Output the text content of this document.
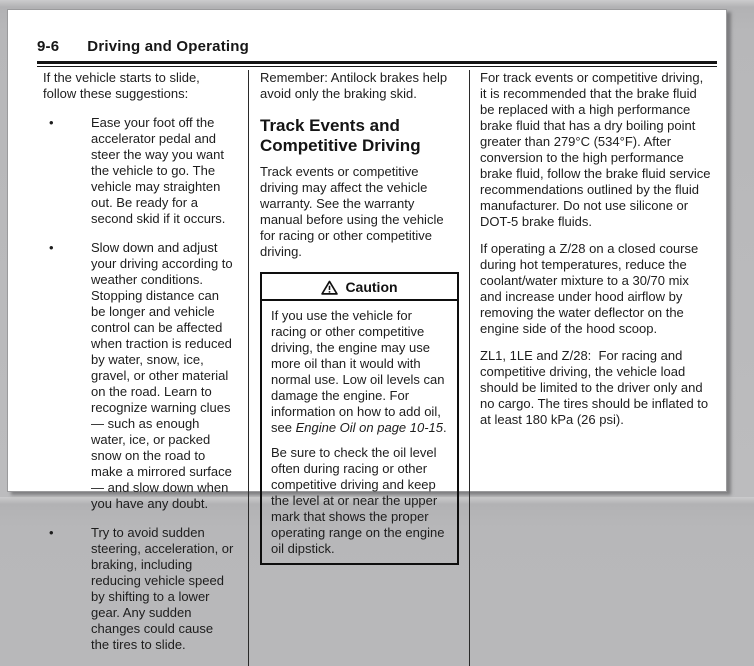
9-6 Driving and Operating

If the vehicle starts to slide, follow these suggestions:

•	Ease your foot off the accelerator pedal and steer the way you want the vehicle to go. The vehicle may straighten out. Be ready for a second skid if it occurs.
•	Slow down and adjust your driving according to weather conditions. Stopping distance can be longer and vehicle control can be affected when traction is reduced by water, snow, ice, gravel, or other material on the road. Learn to recognize warning clues — such as enough water, ice, or packed snow on the road to make a mirrored surface — and slow down when you have any doubt.
•	Try to avoid sudden steering, acceleration, or braking, including reducing vehicle speed by shifting to a lower gear. Any sudden changes could cause the tires to slide.

Remember: Antilock brakes help avoid only the braking skid.

Track Events and Competitive Driving

Track events or competitive driving may affect the vehicle warranty. See the warranty manual before using the vehicle for racing or other competitive driving.

Caution

If you use the vehicle for racing or other competitive driving, the engine may use more oil than it would with normal use. Low oil levels can damage the engine. For information on how to add oil, see Engine Oil on page 10-15.

Be sure to check the oil level often during racing or other competitive driving and keep the level at or near the upper mark that shows the proper operating range on the engine oil dipstick.

For track events or competitive driving, it is recommended that the brake fluid be replaced with a high performance brake fluid that has a dry boiling point greater than 279°C (534°F). After conversion to the high performance brake fluid, follow the brake fluid service recommendations outlined by the fluid manufacturer. Do not use silicone or DOT-5 brake fluids.

If operating a Z/28 on a closed course during hot temperatures, reduce the coolant/water mixture to a 30/70 mix and increase under hood airflow by removing the water deflector on the engine side of the hood scoop.

ZL1, 1LE and Z/28:  For racing and competitive driving, the vehicle load should be limited to the driver only and no cargo. The tires should be inflated to at least 180 kPa (26 psi).
